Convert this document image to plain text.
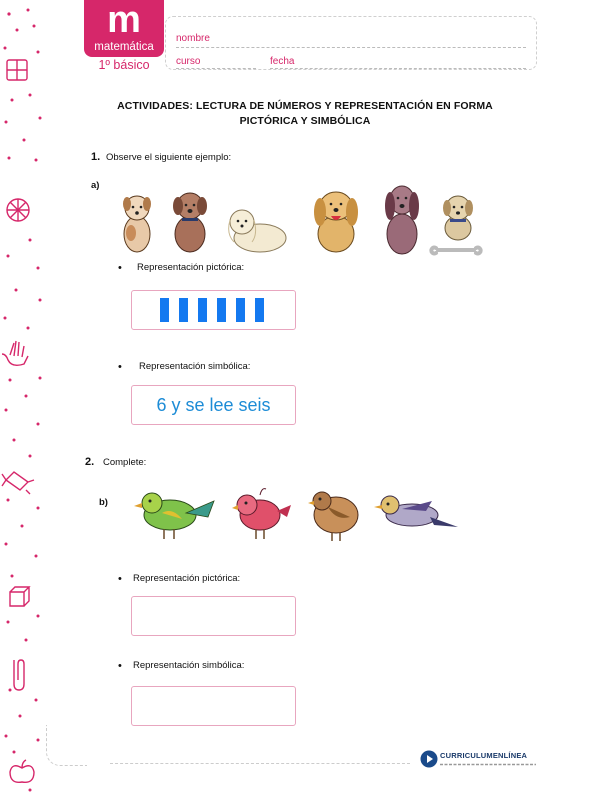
m
matemática
1º básico
nombre
curso	fecha
ACTIVIDADES: LECTURA DE NÚMEROS Y REPRESENTACIÓN EN FORMA PICTÓRICA Y SIMBÓLICA
1. Observe el siguiente ejemplo:
a)
• Representación pictórica:
• Representación simbólica:
6 y se lee seis
2. Complete:
b)
• Representación pictórica:
• Representación simbólica:
CURRICULUMENLÍNEA
